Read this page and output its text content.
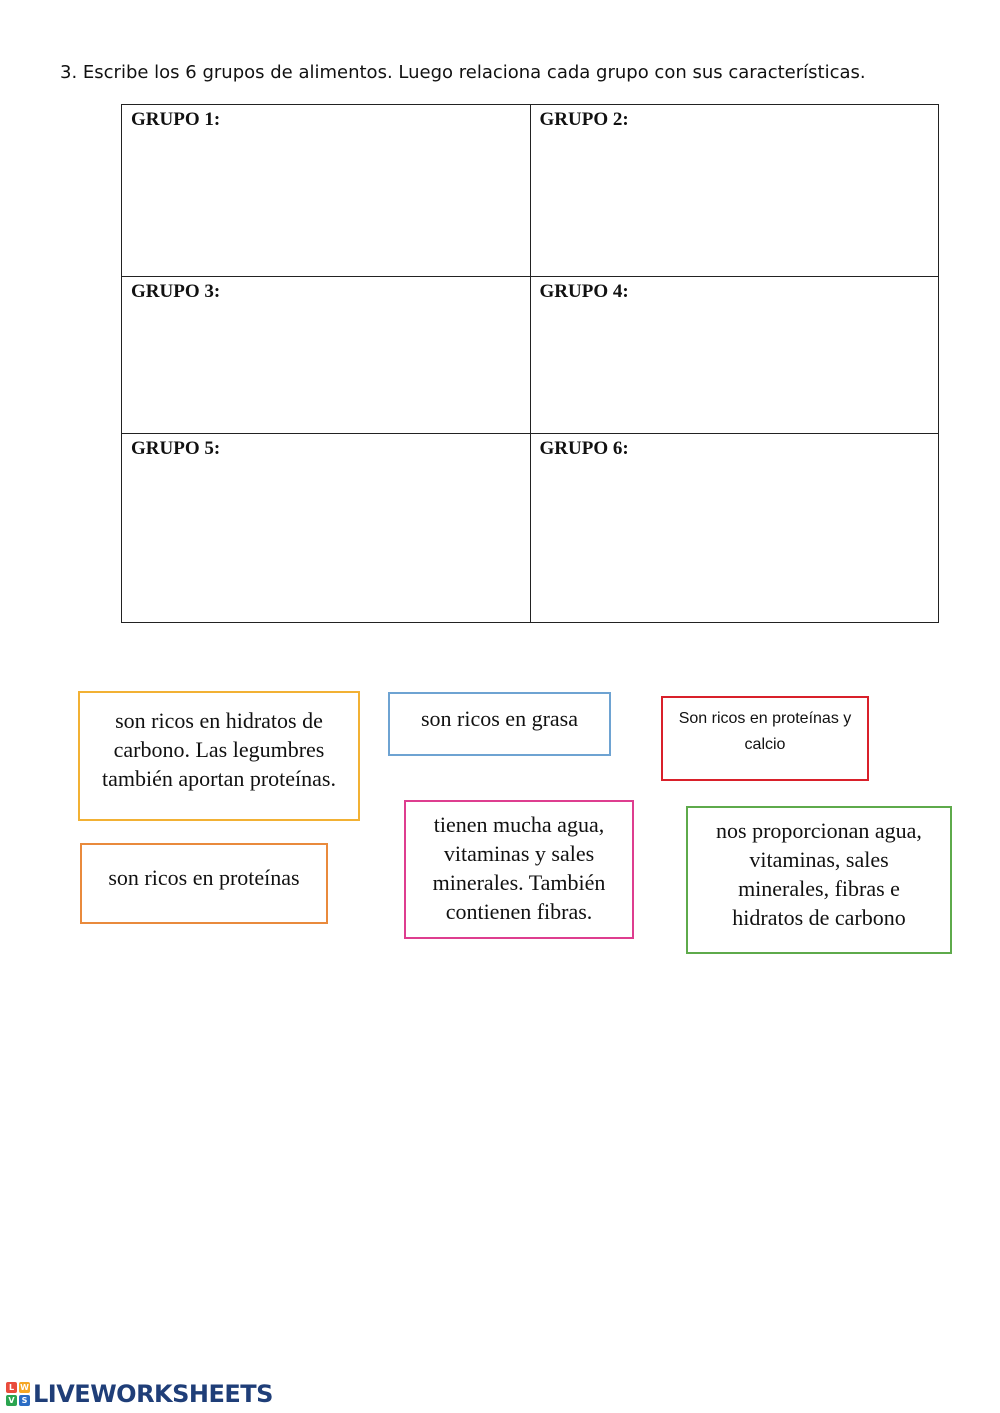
3. Escribe los 6 grupos de alimentos. Luego relaciona cada grupo con sus características.
GRUPO 1:	GRUPO 2:
GRUPO 3:	GRUPO 4:
GRUPO 5:	GRUPO 6:
son ricos en hidratos de carbono. Las legumbres también aportan proteínas.
son ricos en grasa	Son ricos en proteínas y calcio
son ricos en proteínas
tienen mucha agua, vitaminas y sales minerales. También contienen fibras.
nos proporcionan agua, vitaminas, sales minerales, fibras e hidratos de carbono
L W
V S LIVEWORKSHEETS
